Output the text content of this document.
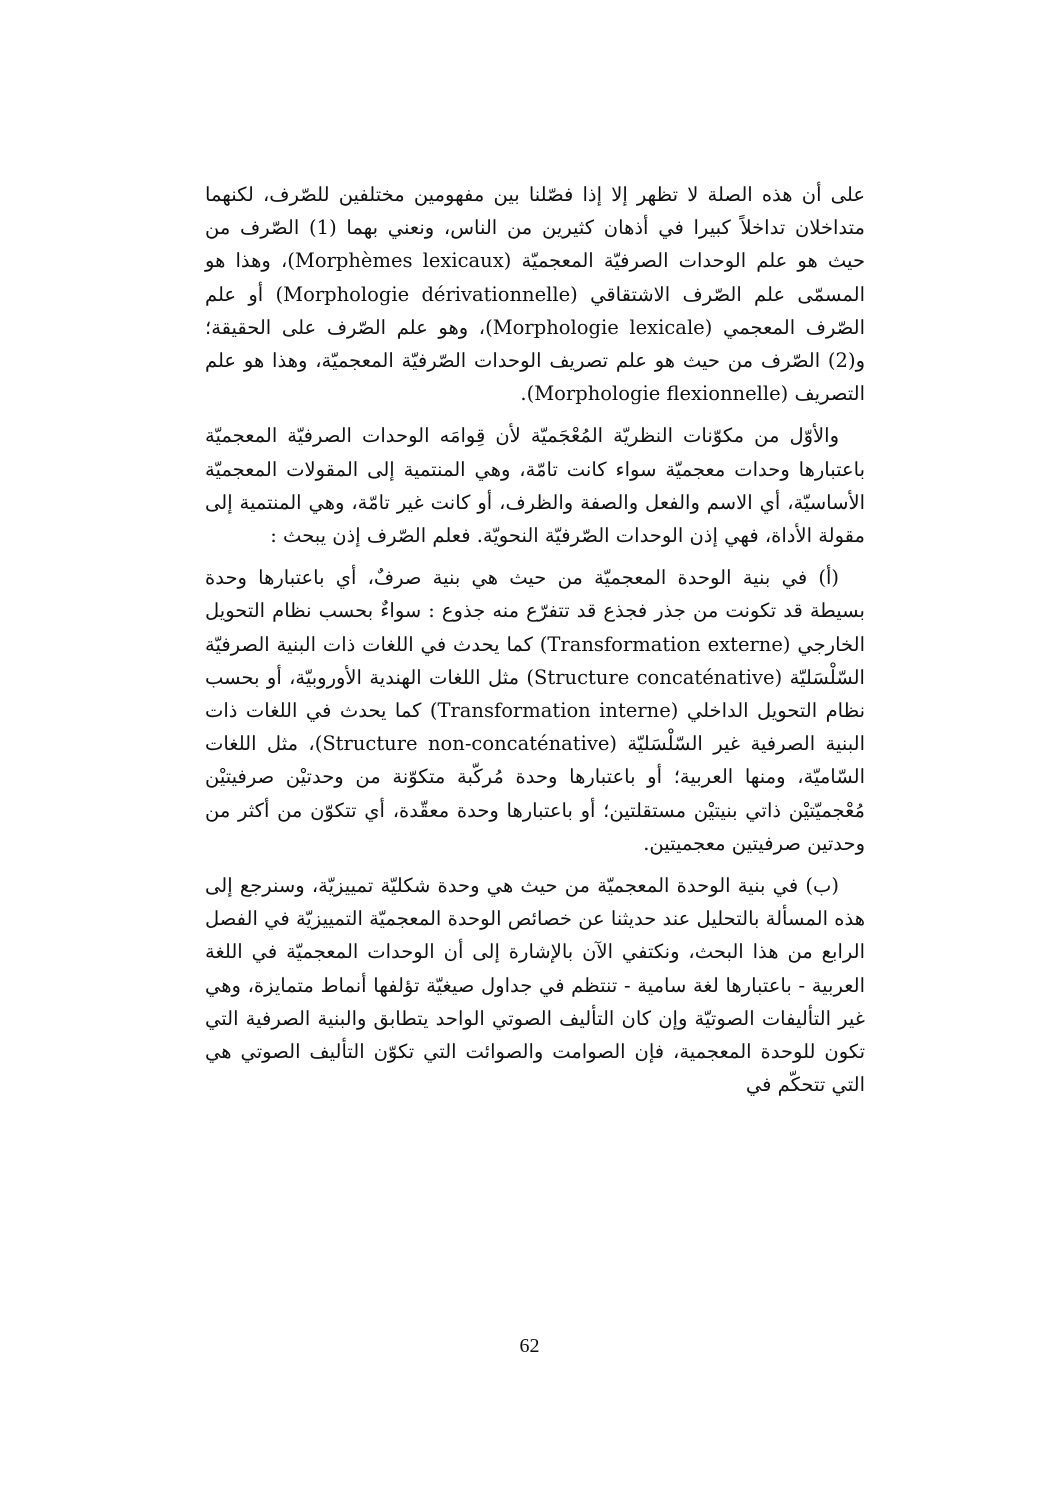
على أن هذه الصلة لا تظهر إلا إذا فصّلنا بين مفهومين مختلفين للصّرف، لكنهما متداخلان تداخلاً كبيرا في أذهان كثيرين من الناس، ونعني بهما (1) الصّرف من حيث هو علم الوحدات الصرفيّة المعجميّة (Morphèmes lexicaux)، وهذا هو المسمّى علم الصّرف الاشتقاقي (Morphologie dérivationnelle) أو علم الصّرف المعجمي (Morphologie lexicale)، وهو علم الصّرف على الحقيقة؛ و(2) الصّرف من حيث هو علم تصريف الوحدات الصّرفيّة المعجميّة، وهذا هو علم التصريف (Morphologie flexionnelle).

والأوّل من مكوّنات النظريّة المُعْجَميّة لأن قِوامَه الوحدات الصرفيّة المعجميّة باعتبارها وحدات معجميّة سواء كانت تامّة، وهي المنتمية إلى المقولات المعجميّة الأساسيّة، أي الاسم والفعل والصفة والظرف، أو كانت غير تامّة، وهي المنتمية إلى مقولة الأداة، فهي إذن الوحدات الصّرفيّة النحويّة. فعلم الصّرف إذن يبحث :

(أ) في بنية الوحدة المعجميّة من حيث هي بنية صرفٌ، أي باعتبارها وحدة بسيطة قد تكونت من جذر فجذع قد تتفرّع منه جذوع : سواءٌ بحسب نظام التحويل الخارجي (Transformation externe) كما يحدث في اللغات ذات البنية الصرفيّة السّلْسَليّة (Structure concaténative) مثل اللغات الهندية الأوروبيّة، أو بحسب نظام التحويل الداخلي (Transformation interne) كما يحدث في اللغات ذات البنية الصرفية غير السّلْسَليّة (Structure non-concaténative)، مثل اللغات السّاميّة، ومنها العربية؛ أو باعتبارها وحدة مُركّبة متكوّنة من وحدتيْن صرفيتيْن مُعْجميّتيْن ذاتي بنيتيْن مستقلتين؛ أو باعتبارها وحدة معقّدة، أي تتكوّن من أكثر من وحدتين صرفيتين معجميتين.

(ب) في بنية الوحدة المعجميّة من حيث هي وحدة شكليّة تمييزيّة، وسنرجع إلى هذه المسألة بالتحليل عند حديثنا عن خصائص الوحدة المعجميّة التمييزيّة في الفصل الرابع من هذا البحث، ونكتفي الآن بالإشارة إلى أن الوحدات المعجميّة في اللغة العربية - باعتبارها لغة سامية - تنتظم في جداول صيغيّة تؤلفها أنماط متمايزة، وهي غير التأليفات الصوتيّة وإن كان التأليف الصوتي الواحد يتطابق والبنية الصرفية التي تكون للوحدة المعجمية، فإن الصوامت والصوائت التي تكوّن التأليف الصوتي هي التي تتحكّم في

62
